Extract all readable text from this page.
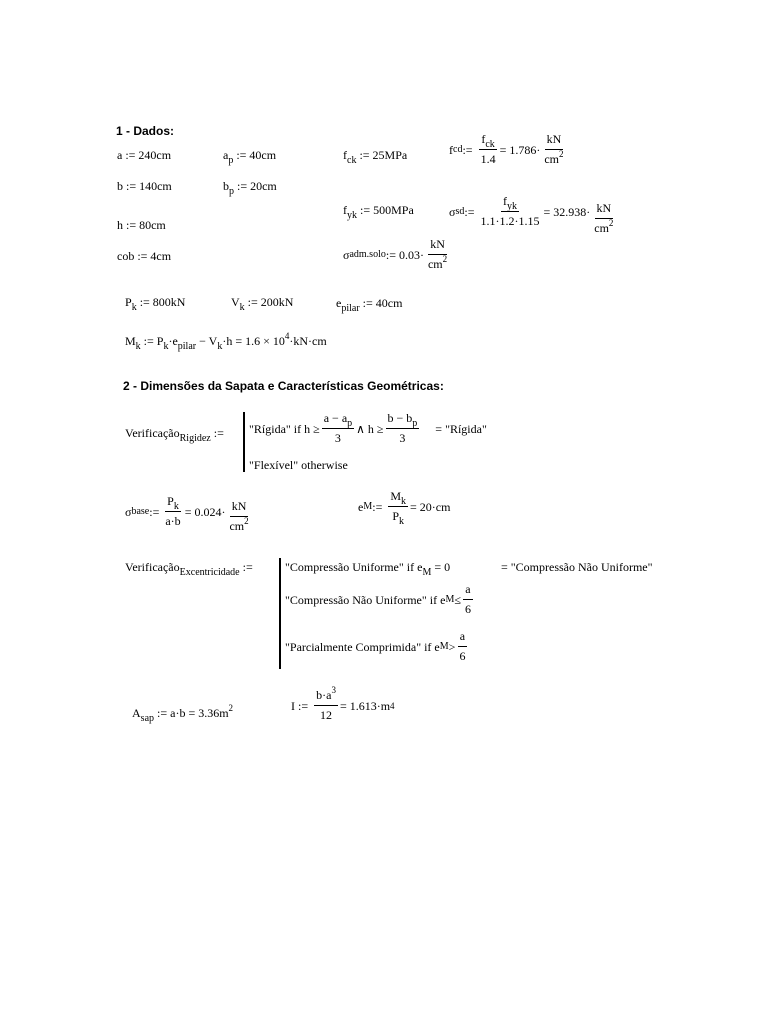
1 - Dados:
a := 240cm
b := 140cm
h := 80cm
cob := 4cm
$a_p$ := 40cm
$b_p$ := 20cm
$f_{ck}$ := 25MPa
$f_{yk}$ := 500MPa
f cd := $\frac{f_{ck}}{1.4} = 1.786\cdot \frac{kN}{cm^2}$
σ sd := $\frac{f_{yk}}{1.1\cdot 1.2\cdot 1.15} = 32.938\cdot \frac{kN}{cm^2}$
σ adm.solo := $0.03\cdot \frac{kN}{cm^2}$
$P_k$ := 800kN	$V_k$ := 200kN	$e_{pilar}$ := 40cm
$M_k$ := $P_k\cdot e_{pilar} - V_k\cdot h = 1.6 \times 10^4\cdot kN\cdot cm$
2 - Dimensões da Sapata e Características Geométricas:
Verificação$_{Rigidez}$ := "Rígida" if $h \ge \frac{a - a_p}{3}$ ∧ $h \ge \frac{b - b_p}{3}$ = "Rígida"
"Flexível" otherwise
σ base := $\frac{P_k}{a\cdot b} = 0.024\cdot \frac{kN}{cm^2}$	e M := $\frac{M_k}{P_k} = 20\cdot cm$
Verificação$_{Excentricidade}$ :=	"Compressão Uniforme" if $e_M = 0$	= "Compressão Não Uniforme"
"Compressão Não Uniforme" if e $M \le \frac{a}{6}$
"Parcialmente Comprimida" if e $M > \frac{a}{6}$
$A_{sap}$ := $a\cdot b = 3.36m^2$	I := $\frac{b\cdot a^3}{12} = 1.613\cdot m$ 4
